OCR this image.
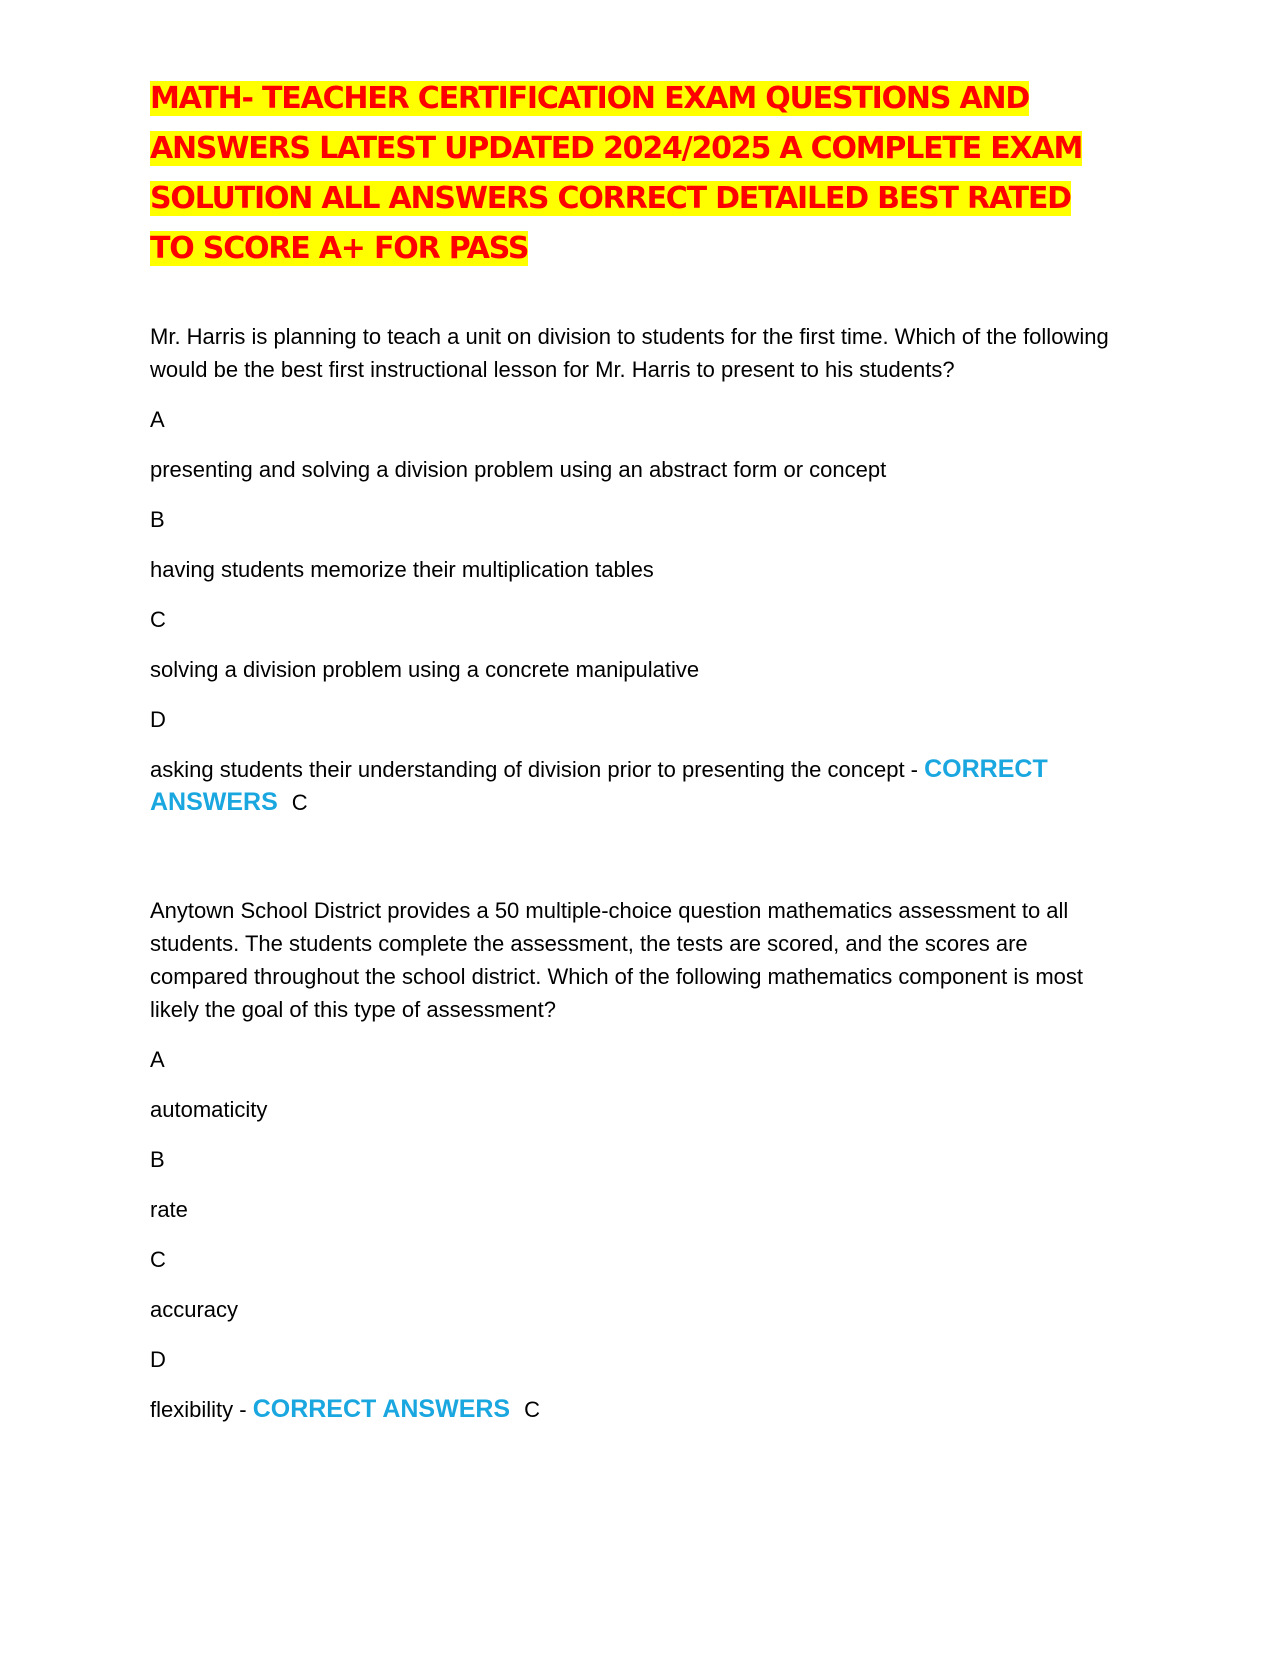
MATH- TEACHER CERTIFICATION EXAM QUESTIONS AND ANSWERS LATEST UPDATED 2024/2025 A COMPLETE EXAM SOLUTION ALL ANSWERS CORRECT DETAILED BEST RATED TO SCORE A+ FOR PASS

Mr. Harris is planning to teach a unit on division to students for the first time. Which of the following would be the best first instructional lesson for Mr. Harris to present to his students?

A

presenting and solving a division problem using an abstract form or concept

B

having students memorize their multiplication tables

C

solving a division problem using a concrete manipulative

D

asking students their understanding of division prior to presenting the concept - CORRECT ANSWERS C

Anytown School District provides a 50 multiple-choice question mathematics assessment to all students. The students complete the assessment, the tests are scored, and the scores are compared throughout the school district. Which of the following mathematics component is most likely the goal of this type of assessment?

A

automaticity

B

rate

C

accuracy

D

flexibility - CORRECT ANSWERS C
